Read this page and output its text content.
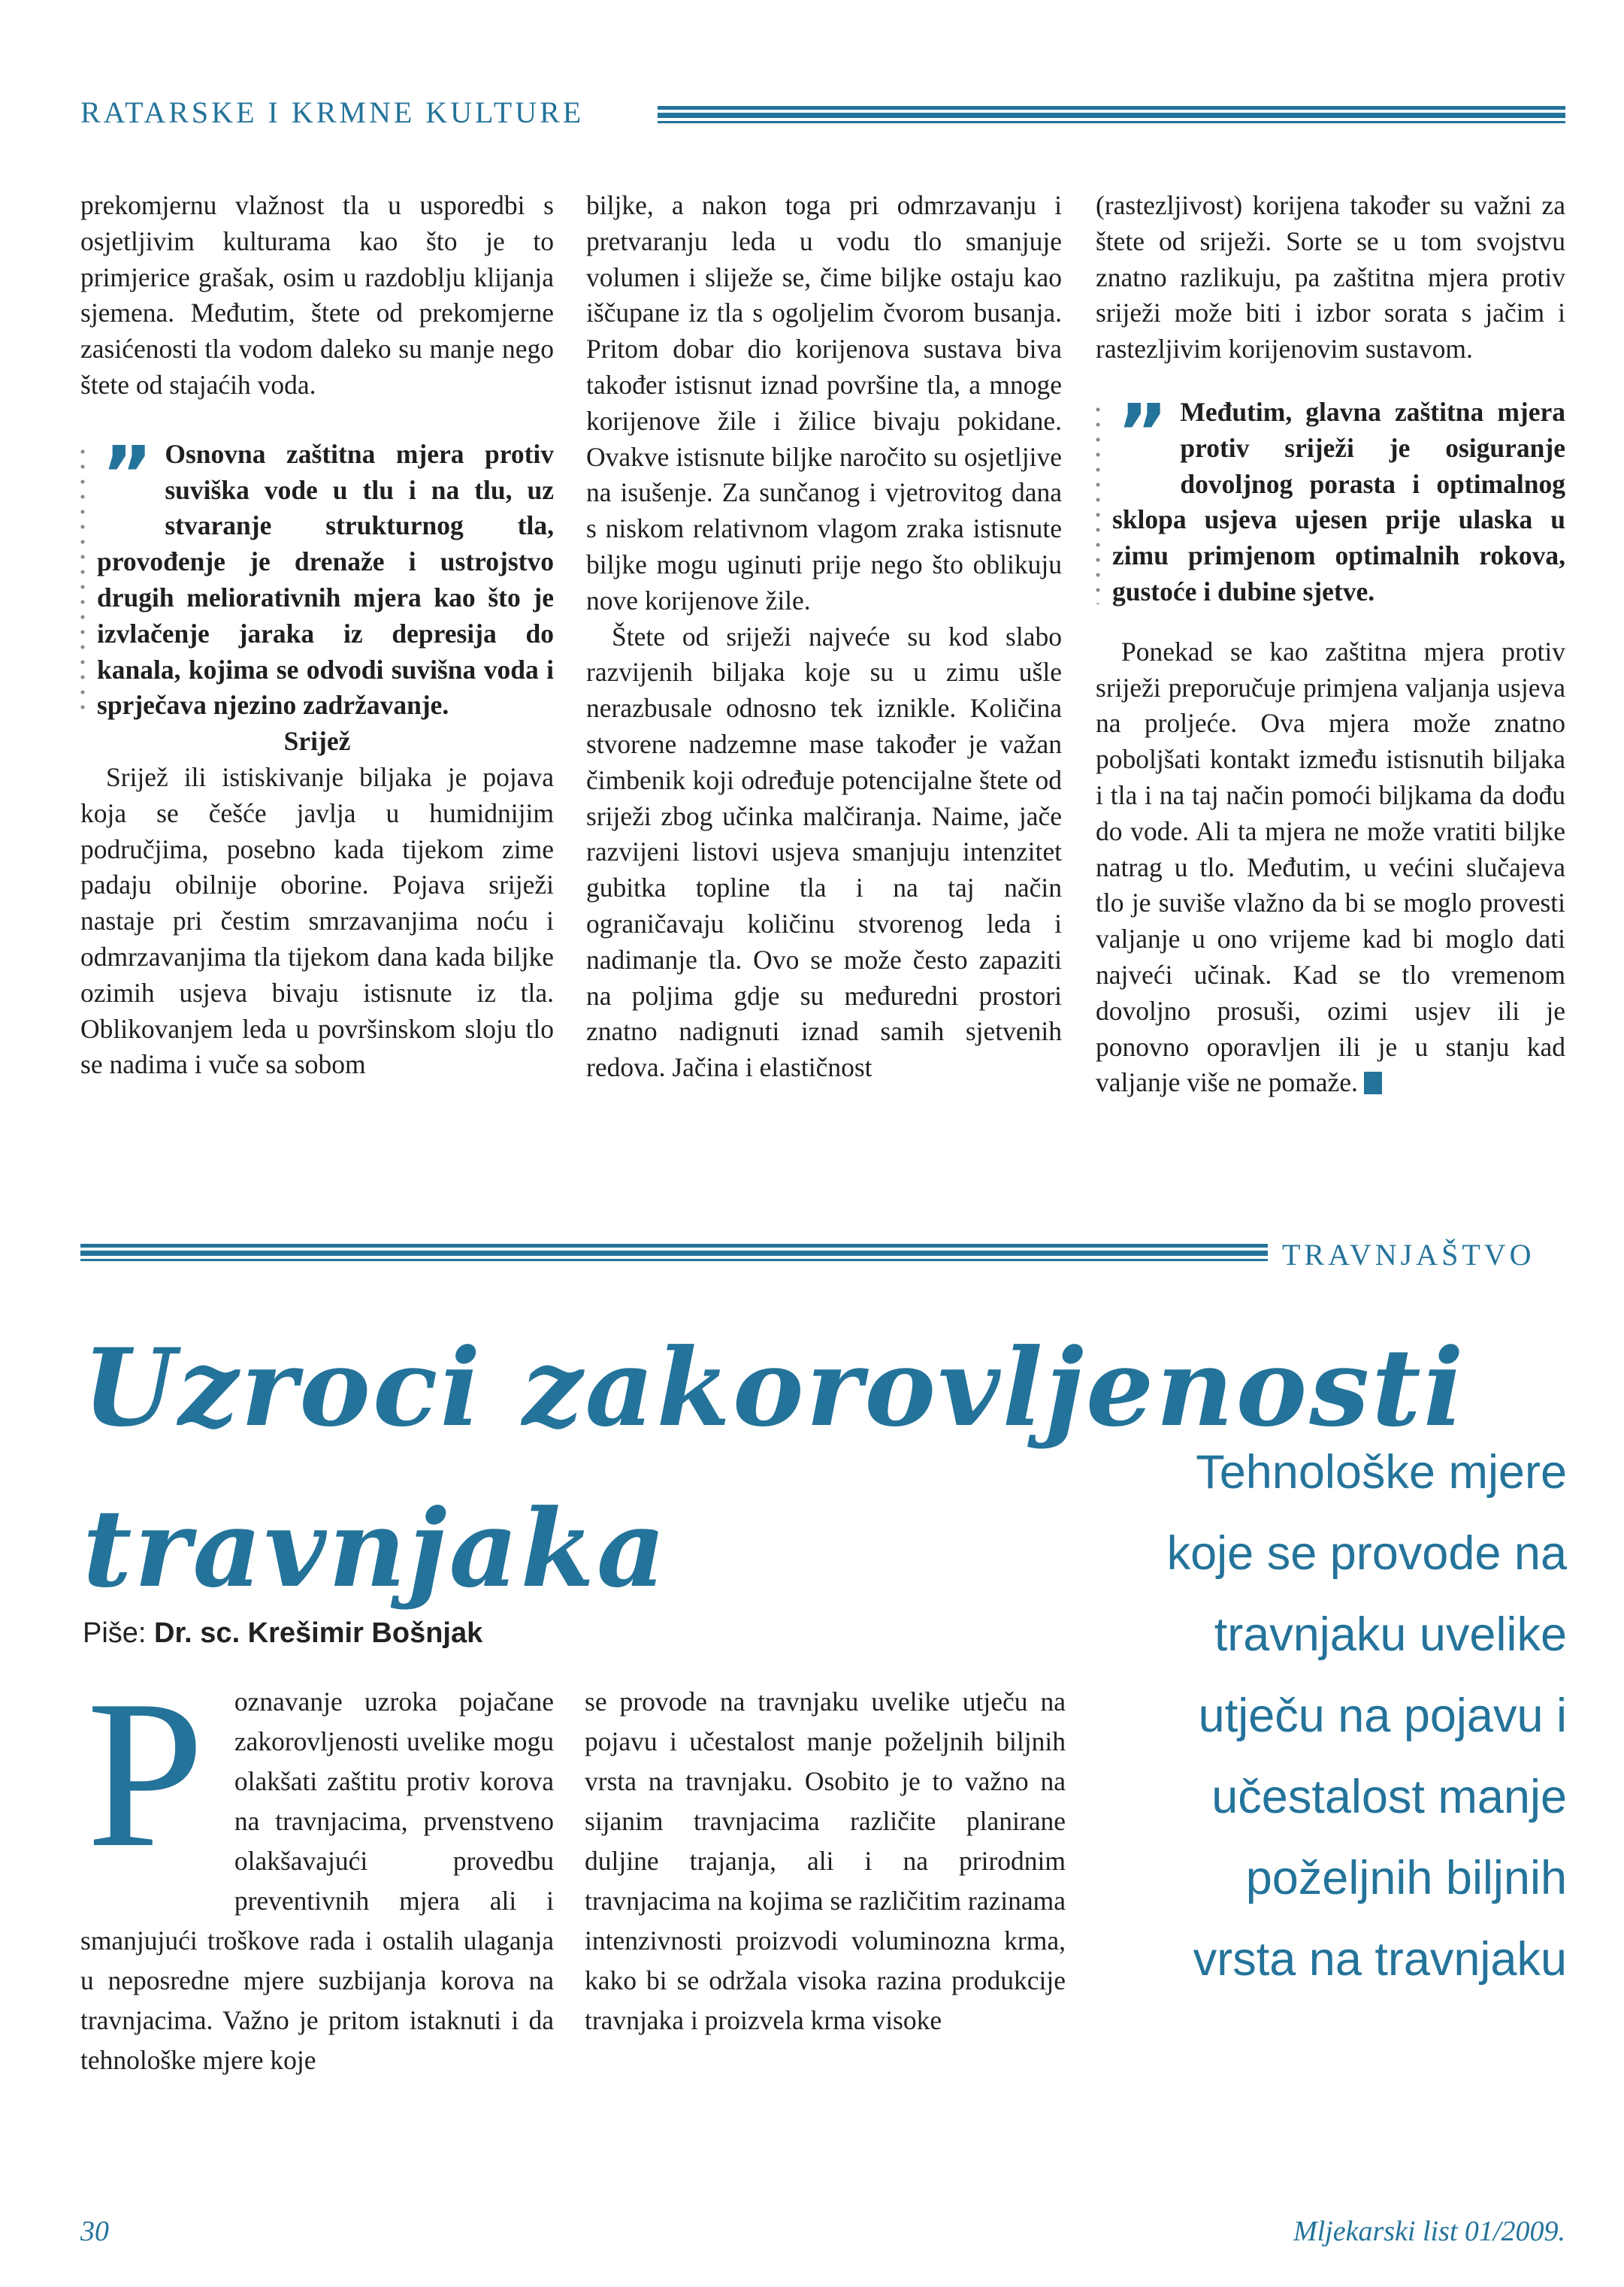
RATARSKE I KRMNE KULTURE

prekomjernu vlažnost tla u usporedbi s osjetljivim kulturama kao što je to primjerice grašak, osim u razdoblju klijanja sjemena. Međutim, štete od prekomjerne zasićenosti tla vodom daleko su manje nego štete od stajaćih voda.

” Osnovna zaštitna mjera protiv suviška vode u tlu i na tlu, uz stvaranje strukturnog tla, provođenje je drenaže i ustrojstvo drugih meliorativnih mjera kao što je izvlačenje jaraka iz depresija do kanala, kojima se odvodi suvišna voda i sprječava njezino zadržavanje.

Srijež

Srijež ili istiskivanje biljaka je pojava koja se češće javlja u humidnijim područjima, posebno kada tijekom zime padaju obilnije oborine. Pojava sriježi nastaje pri čestim smrzavanjima noću i odmrzavanjima tla tijekom dana kada biljke ozimih usjeva bivaju istisnute iz tla. Oblikovanjem leda u površinskom sloju tlo se nadima i vuče sa sobom

biljke, a nakon toga pri odmrzavanju i pretvaranju leda u vodu tlo smanjuje volumen i sliježe se, čime biljke ostaju kao iščupane iz tla s ogoljelim čvorom busanja. Pritom dobar dio korijenova sustava biva također istisnut iznad površine tla, a mnoge korijenove žile i žilice bivaju pokidane. Ovakve istisnute biljke naročito su osjetljive na isušenje. Za sunčanog i vjetrovitog dana s niskom relativnom vlagom zraka istisnute biljke mogu uginuti prije nego što oblikuju nove korijenove žile.

Štete od sriježi najveće su kod slabo razvijenih biljaka koje su u zimu ušle nerazbusale odnosno tek iznikle. Količina stvorene nadzemne mase također je važan čimbenik koji određuje potencijalne štete od sriježi zbog učinka malčiranja. Naime, jače razvijeni listovi usjeva smanjuju intenzitet gubitka topline tla i na taj način ograničavaju količinu stvorenog leda i nadimanje tla. Ovo se može često zapaziti na poljima gdje su međuredni prostori znatno nadignuti iznad samih sjetvenih redova. Jačina i elastičnost

(rastezljivost) korijena također su važni za štete od sriježi. Sorte se u tom svojstvu znatno razlikuju, pa zaštitna mjera protiv sriježi može biti i izbor sorata s jačim i rastezljivim korijenovim sustavom.

” Međutim, glavna zaštitna mjera protiv sriježi je osiguranje dovoljnog porasta i optimalnog sklopa usjeva ujesen prije ulaska u zimu primjenom optimalnih rokova, gustoće i dubine sjetve.

Ponekad se kao zaštitna mjera protiv sriježi preporučuje primjena valjanja usjeva na proljeće. Ova mjera može znatno poboljšati kontakt između istisnutih biljaka i tla i na taj način pomoći biljkama da dođu do vode. Ali ta mjera ne može vratiti biljke natrag u tlo. Međutim, u većini slučajeva tlo je suviše vlažno da bi se moglo provesti valjanje u ono vrijeme kad bi moglo dati najveći učinak. Kad se tlo vremenom dovoljno prosuši, ozimi usjev ili je ponovno oporavljen ili je u stanju kad valjanje više ne pomaže.

TRAVNJAŠTVO
Uzroci zakorovljenosti
travnjaka
Piše: Dr. sc. Krešimir Bošnjak
Tehnološke mjere koje se provode na travnjaku uvelike utječu na pojavu i učestalost manje poželjnih biljnih vrsta na travnjaku
P oznavanje uzroka pojačane zakorovljenosti uvelike mogu olakšati zaštitu protiv korova na travnjacima, prvenstveno olakšavajući provedbu preventivnih mjera ali i smanjujući troškove rada i ostalih ulaganja u neposredne mjere suzbijanja korova na travnjacima. Važno je pritom istaknuti i da tehnološke mjere koje
se provode na travnjaku uvelike utječu na pojavu i učestalost manje poželjnih biljnih vrsta na travnjaku. Osobito je to važno na sijanim travnjacima različite planirane duljine trajanja, ali i na prirodnim travnjacima na kojima se različitim razinama intenzivnosti proizvodi voluminozna krma, kako bi se održala visoka razina produkcije travnjaka i proizvela krma visoke
30	Mljekarski list 01/2009.
